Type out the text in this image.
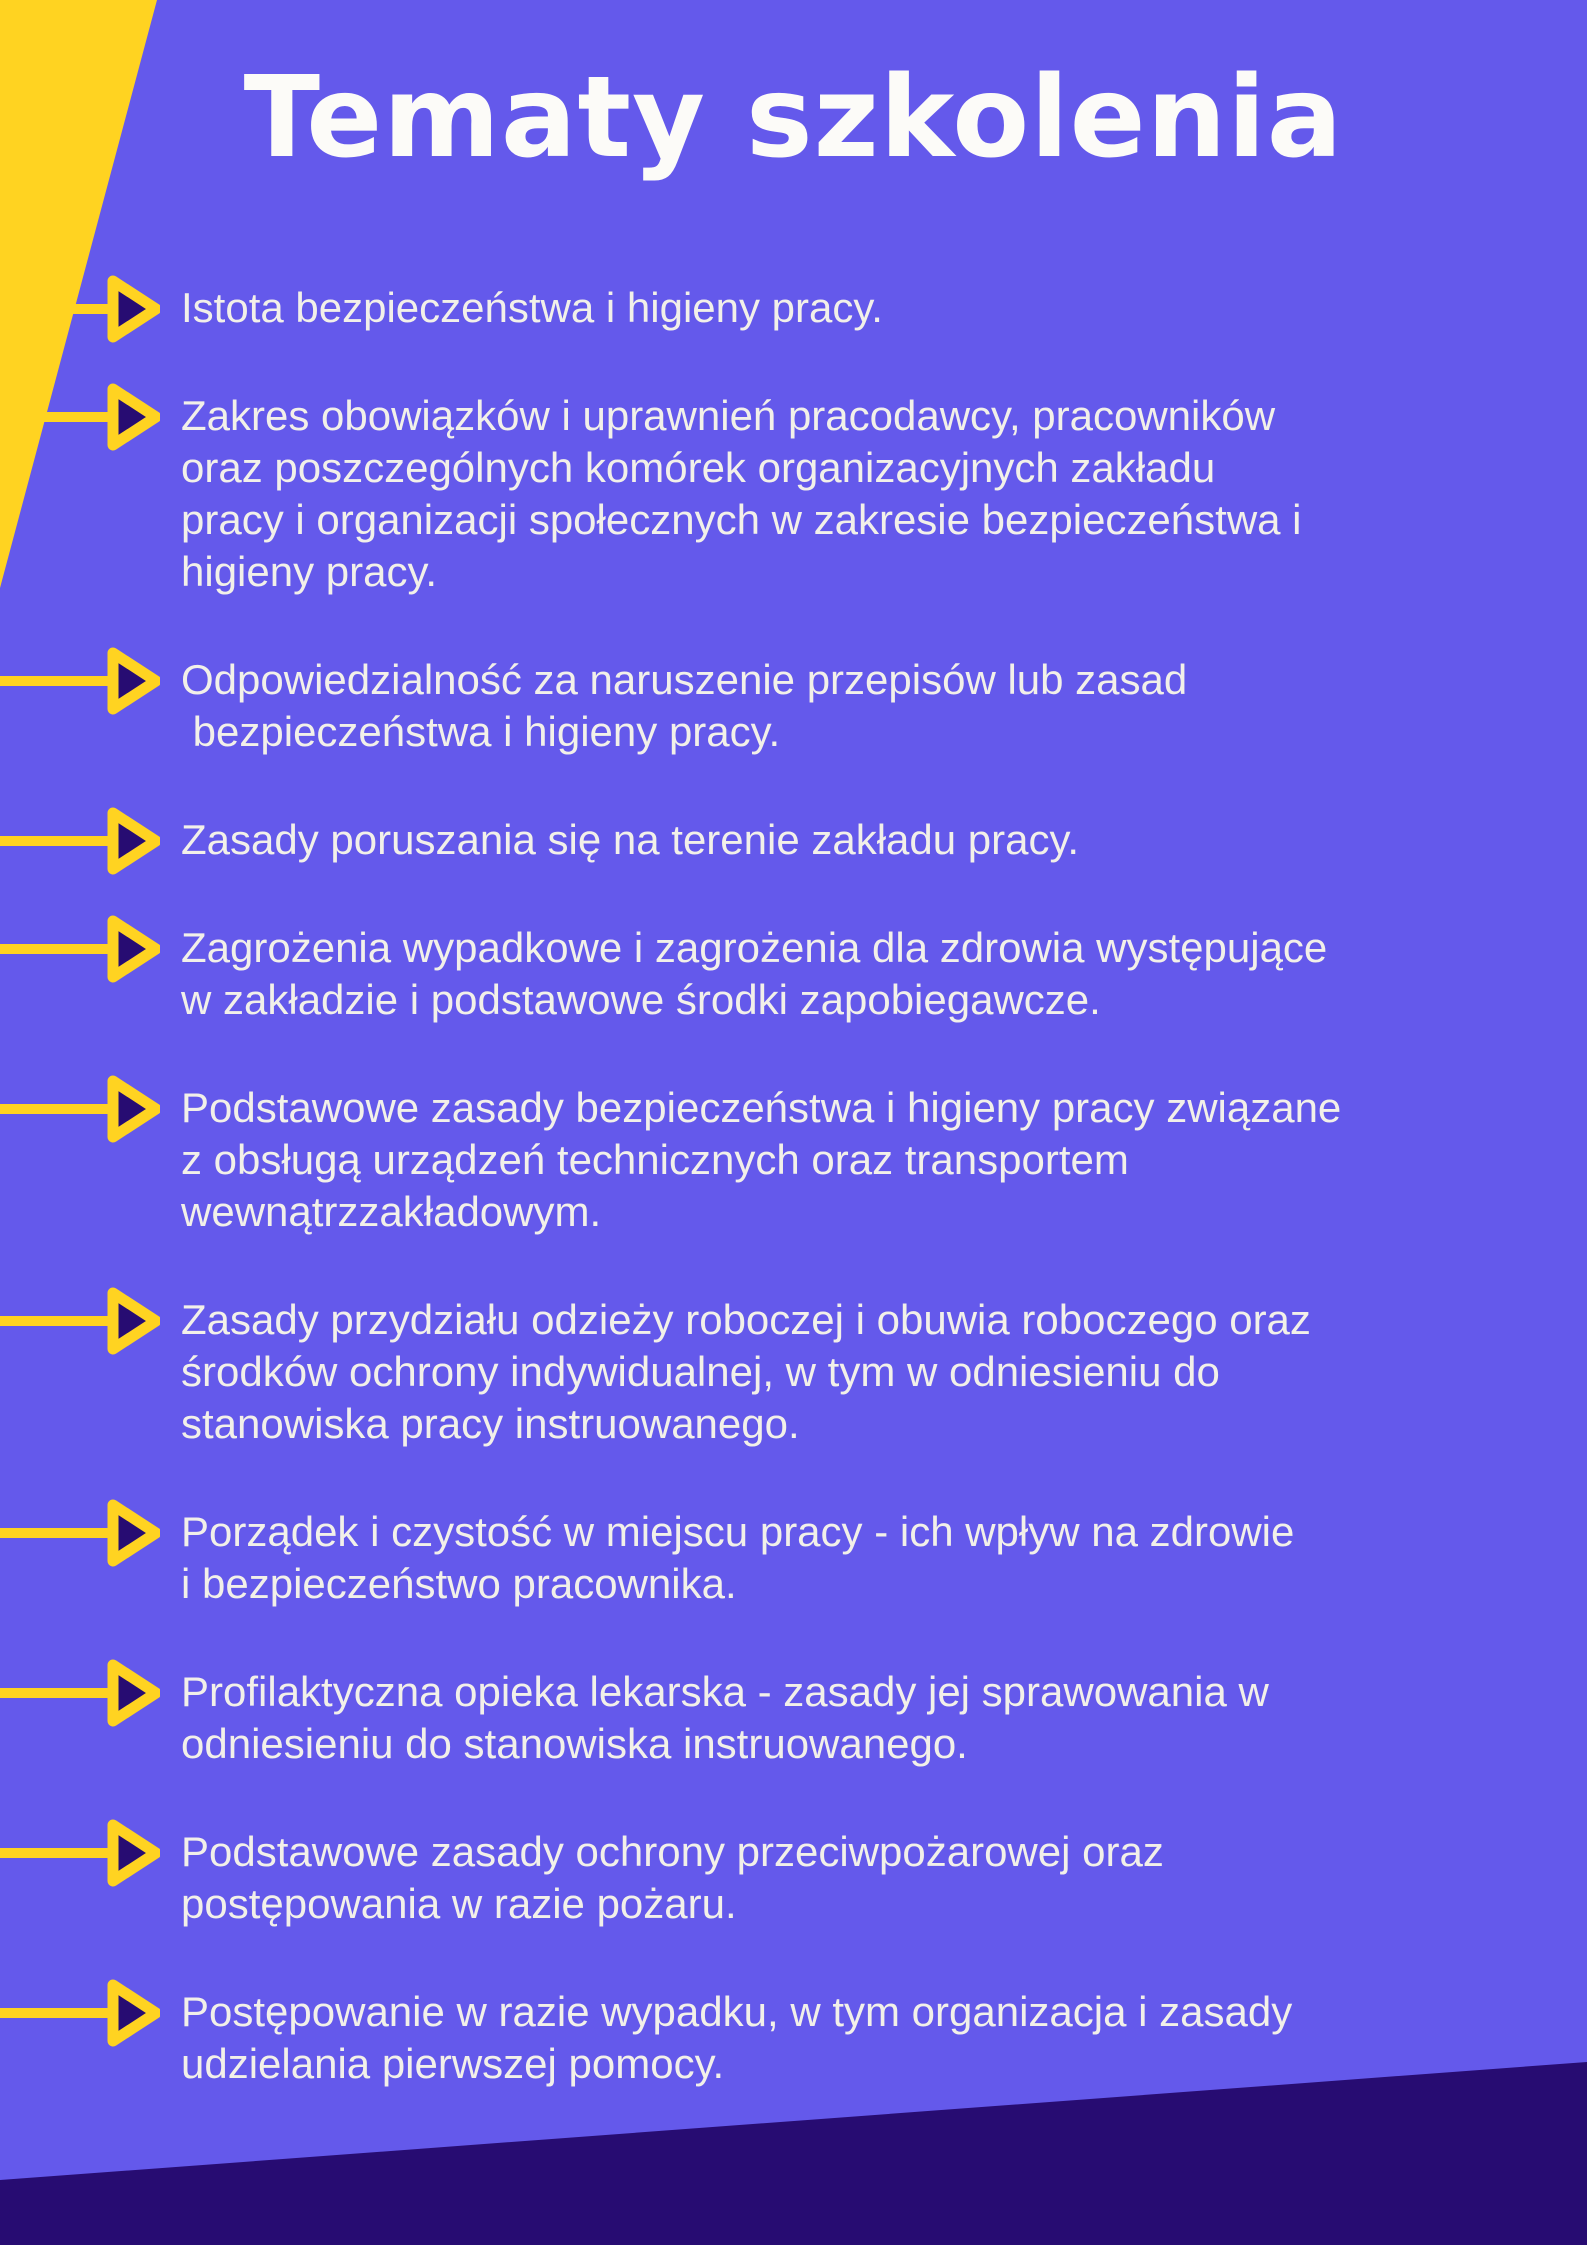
Tematy szkolenia
Istota bezpieczeństwa i higieny pracy.
Zakres obowiązków i uprawnień pracodawcy, pracowników
oraz poszczególnych komórek organizacyjnych zakładu
pracy i organizacji społecznych w zakresie bezpieczeństwa i
higieny pracy.
Odpowiedzialność za naruszenie przepisów lub zasad
bezpieczeństwa i higieny pracy.
Zasady poruszania się na terenie zakładu pracy.
Zagrożenia wypadkowe i zagrożenia dla zdrowia występujące
w zakładzie i podstawowe środki zapobiegawcze.
Podstawowe zasady bezpieczeństwa i higieny pracy związane
z obsługą urządzeń technicznych oraz transportem
wewnątrzzakładowym.
Zasady przydziału odzieży roboczej i obuwia roboczego oraz
środków ochrony indywidualnej, w tym w odniesieniu do
stanowiska pracy instruowanego.
Porządek i czystość w miejscu pracy - ich wpływ na zdrowie
i bezpieczeństwo pracownika.
Profilaktyczna opieka lekarska - zasady jej sprawowania w
odniesieniu do stanowiska instruowanego.
Podstawowe zasady ochrony przeciwpożarowej oraz
postępowania w razie pożaru.
Postępowanie w razie wypadku, w tym organizacja i zasady
udzielania pierwszej pomocy.
